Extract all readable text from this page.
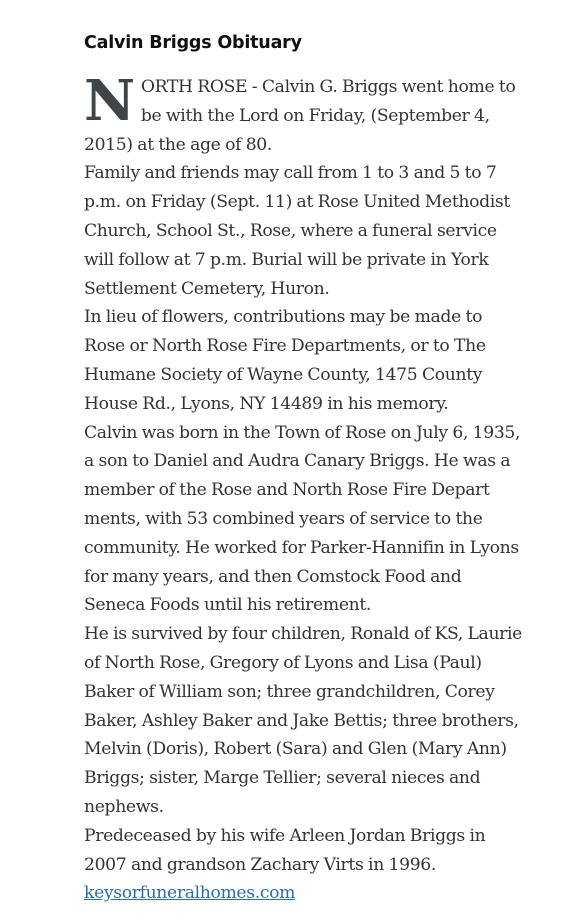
Calvin Briggs Obituary

NORTH ROSE - Calvin G. Briggs went home to be with the Lord on Friday, (September 4, 2015) at the age of 80.

Family and friends may call from 1 to 3 and 5 to 7 p.m. on Friday (Sept. 11) at Rose United Methodist Church, School St., Rose, where a funeral service will follow at 7 p.m. Burial will be private in York Settlement Cemetery, Huron.

In lieu of flowers, contributions may be made to Rose or North Rose Fire Departments, or to The Humane Society of Wayne County, 1475 County House Rd., Lyons, NY 14489 in his memory.

Calvin was born in the Town of Rose on July 6, 1935, a son to Daniel and Audra Canary Briggs. He was a member of the Rose and North Rose Fire Depart ments, with 53 combined years of service to the community. He worked for Parker-Hannifin in Lyons for many years, and then Comstock Food and Seneca Foods until his retirement.

He is survived by four children, Ronald of KS, Laurie of North Rose, Gregory of Lyons and Lisa (Paul) Baker of William son; three grandchildren, Corey Baker, Ashley Baker and Jake Bettis; three brothers, Melvin (Doris), Robert (Sara) and Glen (Mary Ann) Briggs; sister, Marge Tellier; several nieces and nephews.

Predeceased by his wife Arleen Jordan Briggs in 2007 and grandson Zachary Virts in 1996.

keysorfuneralhomes.com
